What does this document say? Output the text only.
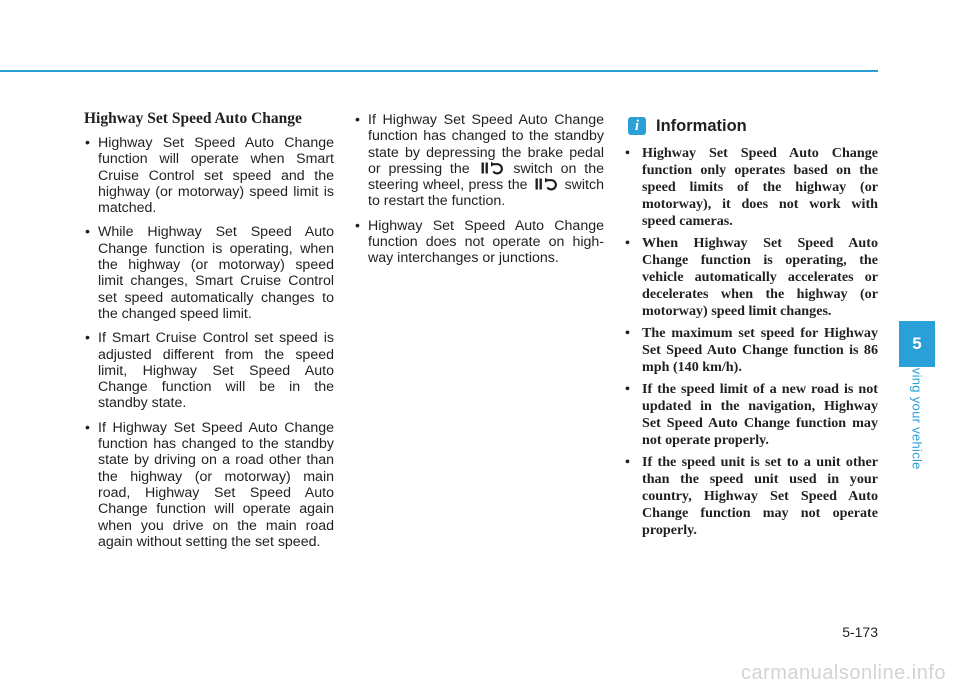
Highway Set Speed Auto Change
• Highway Set Speed Auto Change function will operate when Smart Cruise Control set speed and the highway (or motorway) speed limit is matched.
• While Highway Set Speed Auto Change function is operating, when the highway (or motorway) speed limit changes, Smart Cruise Control set speed automatically changes to the changed speed limit.
• If Smart Cruise Control set speed is adjusted different from the speed limit, Highway Set Speed Auto Change function will be in the standby state.
• If Highway Set Speed Auto Change function has changed to the standby state by driving on a road other than the highway (or motorway) main road, Highway Set Speed Auto Change function will operate again when you drive on the main road again without setting the set speed.
• If Highway Set Speed Auto Change function has changed to the standby state by depressing the brake pedal or pressing the	switch on the steering wheel, press the	switch to restart the function.
• Highway Set Speed Auto Change function does not operate on high-way interchanges or junctions.
i	Information
• Highway Set Speed Auto Change function only operates based on the speed limits of the highway (or motorway), it does not work with speed cameras.
• When Highway Set Speed Auto Change function is operating, the vehicle automatically accelerates or decelerates when the highway (or motorway) speed limit changes.
• The maximum set speed for Highway Set Speed Auto Change function is 86 mph (140 km/h).
• If the speed limit of a new road is not updated in the navigation, Highway Set Speed Auto Change function may not operate properly.
• If the speed unit is set to a unit other than the speed unit used in your country, Highway Set Speed Auto Change function may not operate properly.
5
Driving your vehicle
5-173
carmanualsonline.info
